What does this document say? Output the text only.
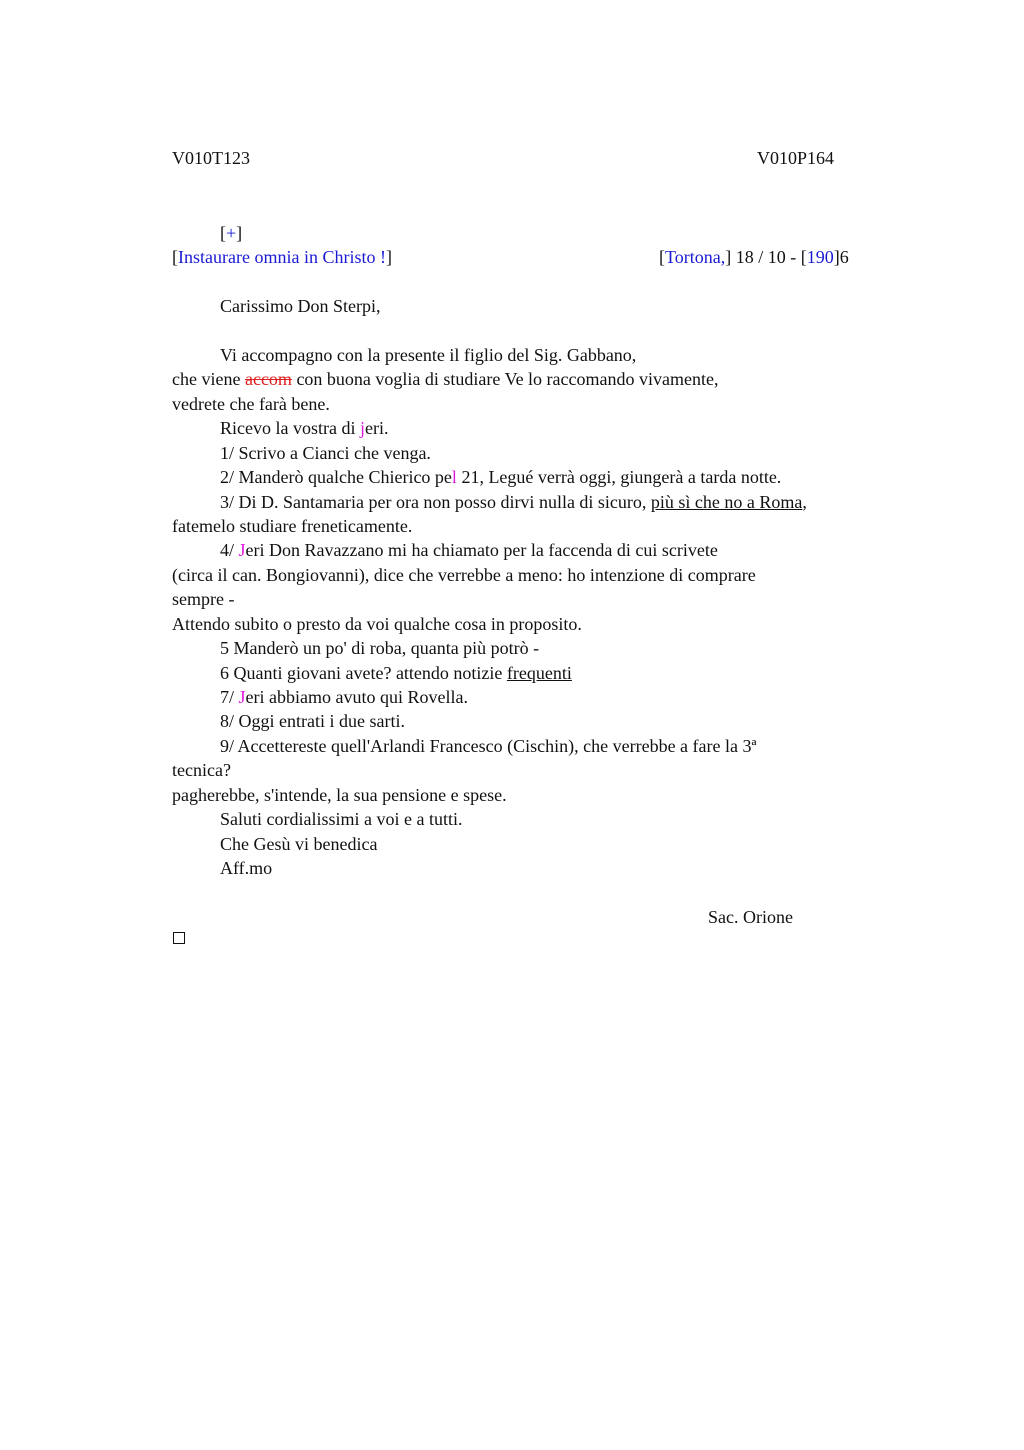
V010T123	V010P164
[+]
[Instaurare omnia in Christo !]	[Tortona,] 18 / 10 - [190]6
Carissimo Don Sterpi,
Vi accompagno con la presente il figlio del Sig. Gabbano,
che viene accom con buona voglia di studiare Ve lo raccomando vivamente,
vedrete che farà bene.
Ricevo la vostra di jeri.
1/ Scrivo a Cianci che venga.
2/ Manderò qualche Chierico pel 21, Legué verrà oggi, giungerà a tarda notte.
3/ Di D. Santamaria per ora non posso dirvi nulla di sicuro, più sì che no a Roma,
fatemelo studiare freneticamente.
4/ Jeri Don Ravazzano mi ha chiamato per la faccenda di cui scrivete
(circa il can. Bongiovanni), dice che verrebbe a meno: ho intenzione di comprare
sempre -
Attendo subito o presto da voi qualche cosa in proposito.
5 Manderò un po' di roba, quanta più potrò -
6 Quanti giovani avete? attendo notizie frequenti
7/ Jeri abbiamo avuto qui Rovella.
8/ Oggi entrati i due sarti.
9/ Accettereste quell'Arlandi Francesco (Cischin), che verrebbe a fare la 3ª
tecnica?
pagherebbe, s'intende, la sua pensione e spese.
Saluti cordialissimi a voi e a tutti.
Che Gesù vi benedica
Aff.mo
Sac. Orione
